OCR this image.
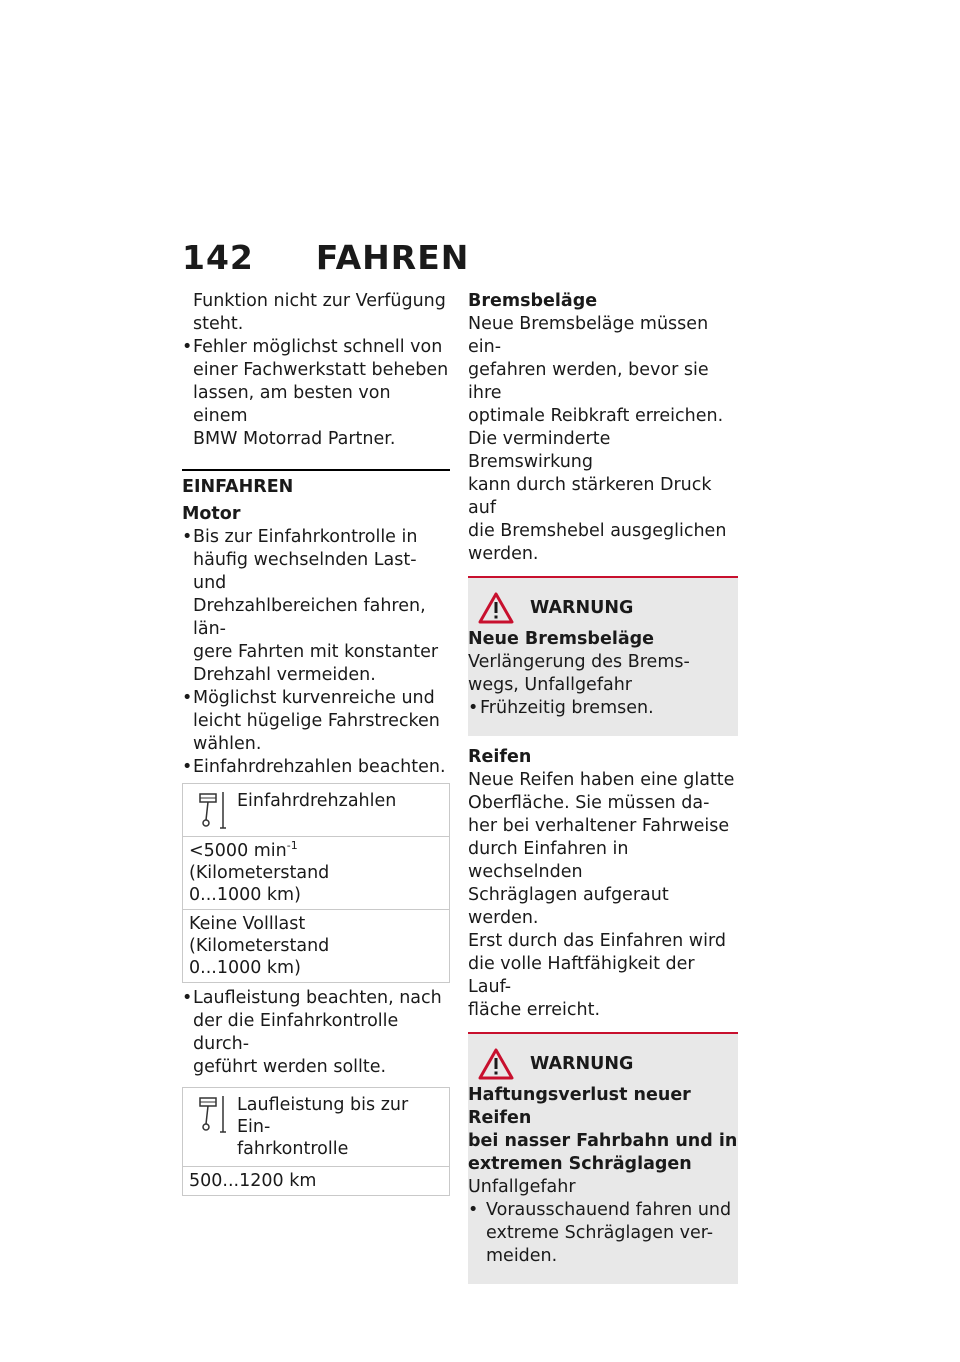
142 FAHREN

Funktion nicht zur Verfügung

steht.

• Fehler möglichst schnell von
einer Fachwerkstatt beheben
lassen, am besten von einem
BMW Motorrad Partner.
EINFAHREN
Motor
• Bis zur Einfahrkontrolle in
häufig wechselnden Last- und
Drehzahlbereichen fahren, län-
gere Fahrten mit konstanter
Drehzahl vermeiden.
• Möglichst kurvenreiche und
leicht hügelige Fahrstrecken
wählen.
• Einfahrdrehzahlen beachten.
Einfahrdrehzahlen

<5000 $\min^{-1}$ (Kilometerstand
0...1000 km)
Keine Volllast (Kilometerstand
0...1000 km)
• Laufleistung beachten, nach
der die Einfahrkontrolle durch-
geführt werden sollte.
Laufleistung bis zur Ein-
fahrkontrolle

500...1200 km
Bremsbeläge

Neue Bremsbeläge müssen ein-

gefahren werden, bevor sie ihre

optimale Reibkraft erreichen.

Die verminderte Bremswirkung

kann durch stärkeren Druck auf

die Bremshebel ausgeglichen

werden.

WARNUNG
Neue Bremsbeläge

Verlängerung des Brems-

wegs, Unfallgefahr

• Frühzeitig bremsen.
Reifen

Neue Reifen haben eine glatte

Oberfläche. Sie müssen da-

her bei verhaltener Fahrweise

durch Einfahren in wechselnden

Schräglagen aufgeraut werden.

Erst durch das Einfahren wird

die volle Haftfähigkeit der Lauf-

fläche erreicht.

WARNUNG
Haftungsverlust neuer Reifen
bei nasser Fahrbahn und in
extremen Schräglagen

Unfallgefahr

• Vorausschauend fahren und
extreme Schräglagen ver-
meiden.
